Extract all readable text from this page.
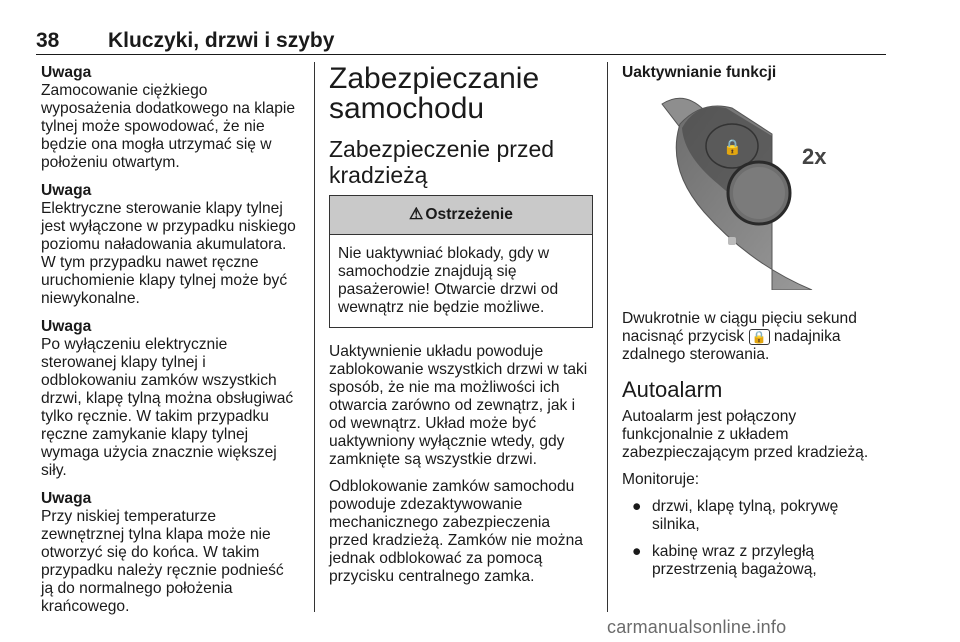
38 Kluczyki, drzwi i szyby
Uwaga
Zamocowanie ciężkiego wyposażenia dodatkowego na klapie tylnej może spowodować, że nie będzie ona mogła utrzymać się w położeniu otwartym.
Uwaga
Elektryczne sterowanie klapy tylnej jest wyłączone w przypadku niskiego poziomu naładowania akumulatora. W tym przypadku nawet ręczne uruchomienie klapy tylnej może być niewykonalne.
Uwaga
Po wyłączeniu elektrycznie sterowanej klapy tylnej i odblokowaniu zamków wszystkich drzwi, klapę tylną można obsługiwać tylko ręcznie. W takim przypadku ręczne zamykanie klapy tylnej wymaga użycia znacznie większej siły.
Uwaga
Przy niskiej temperaturze zewnętrznej tylna klapa może nie otworzyć się do końca. W takim przypadku należy ręcznie podnieść ją do normalnego położenia krańcowego.
Zabezpieczanie samochodu
Zabezpieczenie przed kradzieżą
⚠ Ostrzeżenie
Nie uaktywniać blokady, gdy w samochodzie znajdują się pasażerowie! Otwarcie drzwi od wewnątrz nie będzie możliwe.

Uaktywnienie układu powoduje zablokowanie wszystkich drzwi w taki sposób, że nie ma możliwości ich otwarcia zarówno od zewnątrz, jak i od wewnątrz. Układ może być uaktywniony wyłącznie wtedy, gdy zamknięte są wszystkie drzwi.

Odblokowanie zamków samochodu powoduje zdezaktywowanie mechanicznego zabezpieczenia przed kradzieżą. Zamków nie można jednak odblokować za pomocą przycisku centralnego zamka.

Uaktywnianie funkcji
🔒	2x

Dwukrotnie w ciągu pięciu sekund nacisnąć przycisk 🔒 nadajnika zdalnego sterowania.

Autoalarm

Autoalarm jest połączony funkcjonalnie z układem zabezpieczającym przed kradzieżą.

Monitoruje:

● drzwi, klapę tylną, pokrywę silnika,
● kabinę wraz z przyległą przestrzenią bagażową,
carmanualsonline.info
